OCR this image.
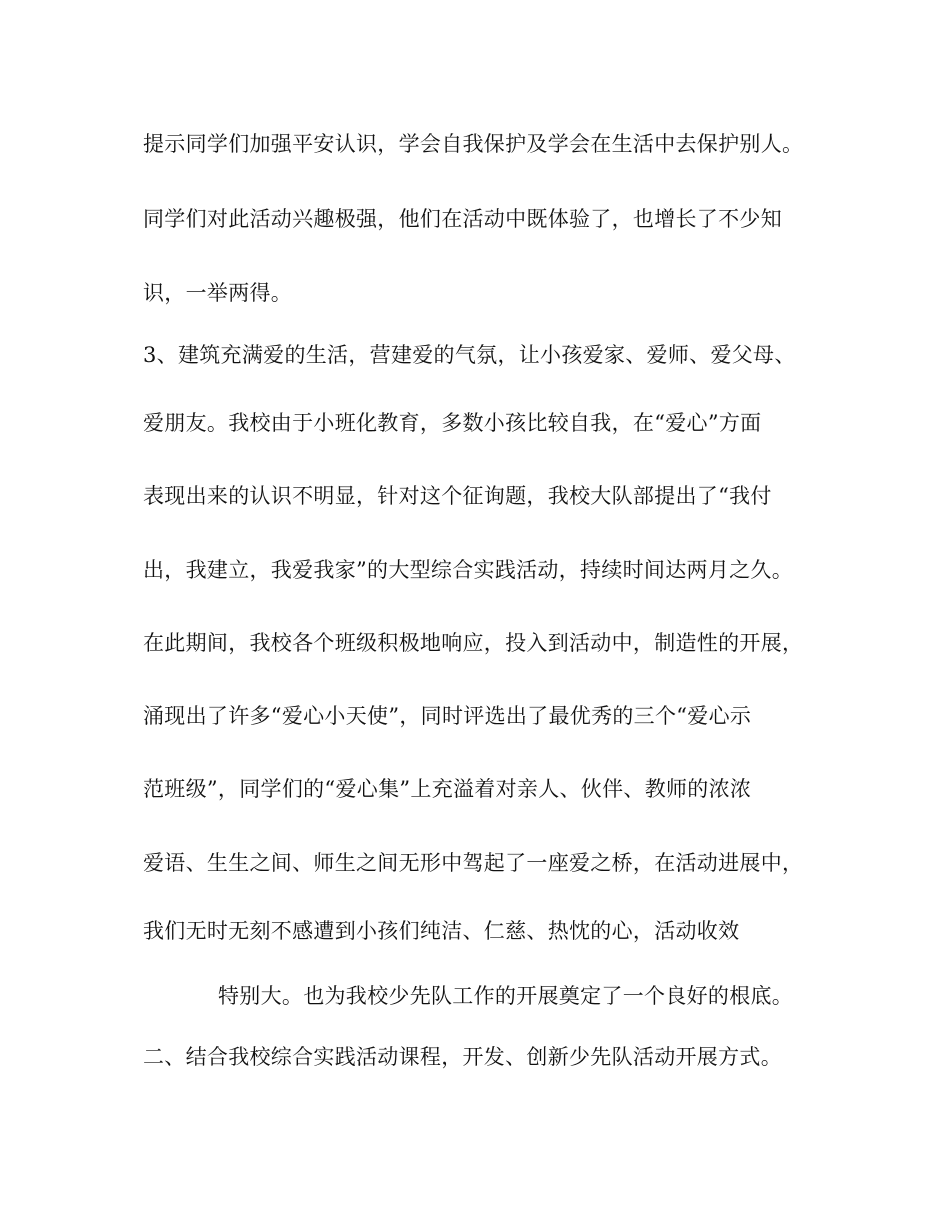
提示同学们加强平安认识，学会自我保护及学会在生活中去保护别人。
同学们对此活动兴趣极强，他们在活动中既体验了，也增长了不少知
识，一举两得。
3、建筑充满爱的生活，营建爱的气氛，让小孩爱家、爱师、爱父母、
爱朋友。我校由于小班化教育，多数小孩比较自我，在“爱心”方面
表现出来的认识不明显，针对这个征询题，我校大队部提出了“我付
出，我建立，我爱我家”的大型综合实践活动，持续时间达两月之久。
在此期间，我校各个班级积极地响应，投入到活动中，制造性的开展，
涌现出了许多“爱心小天使”，同时评选出了最优秀的三个“爱心示
范班级”，同学们的“爱心集”上充溢着对亲人、伙伴、教师的浓浓
爱语、生生之间、师生之间无形中驾起了一座爱之桥，在活动进展中，
我们无时无刻不感遭到小孩们纯洁、仁慈、热忱的心，活动收效
特别大。也为我校少先队工作的开展奠定了一个良好的根底。
二、结合我校综合实践活动课程，开发、创新少先队活动开展方式。
